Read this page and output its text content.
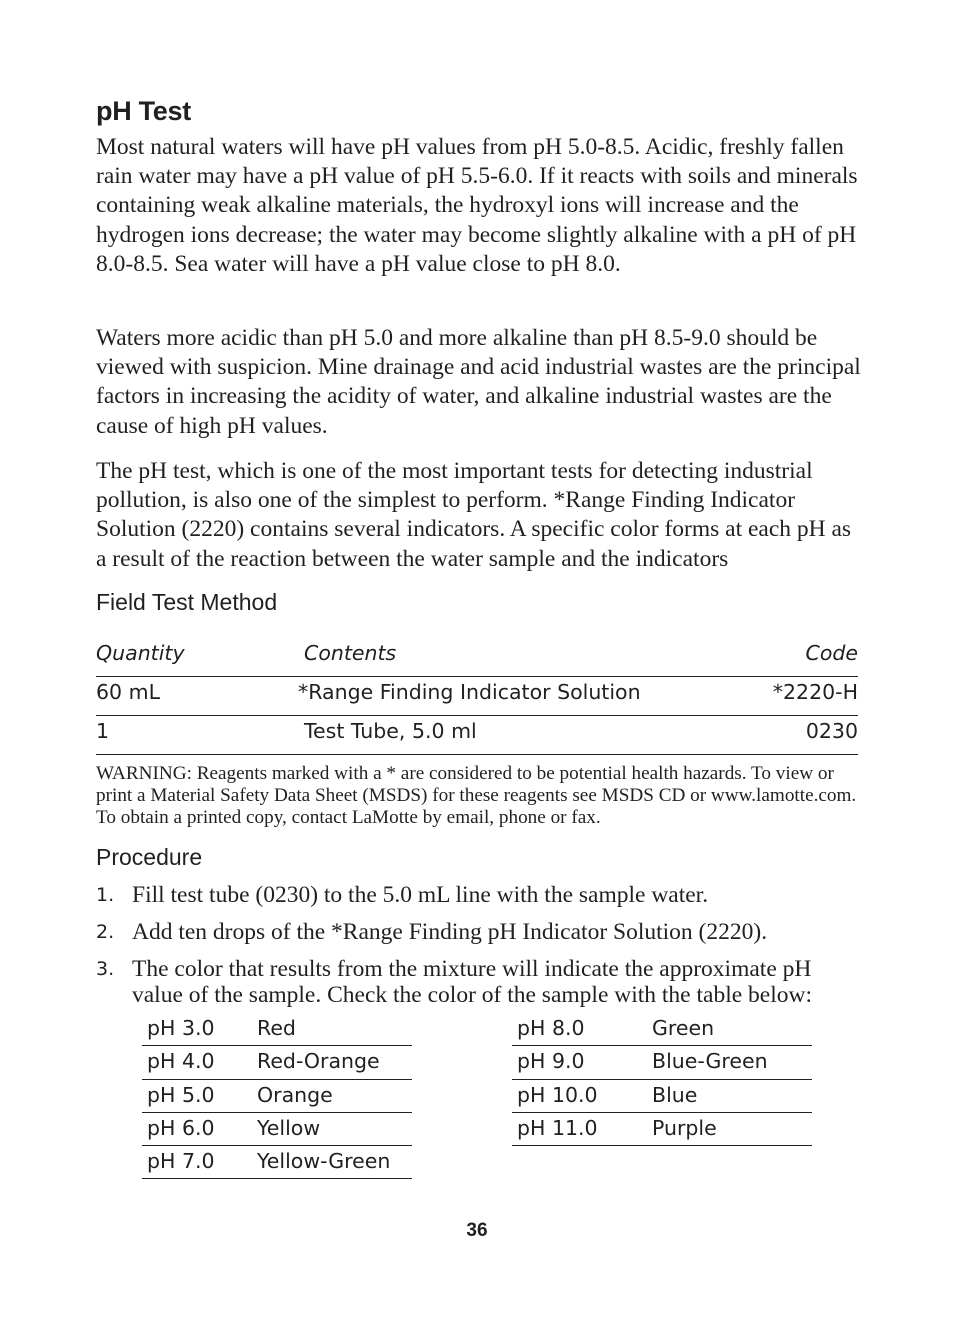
pH Test

Most natural waters will have pH values from pH 5.0-8.5. Acidic, freshly fallen rain water may have a pH value of pH 5.5-6.0. If it reacts with soils and minerals containing weak alkaline materials, the hydroxyl ions will increase and the hydrogen ions decrease; the water may become slightly alkaline with a pH of pH 8.0-8.5. Sea water will have a pH value close to pH 8.0.

Waters more acidic than pH 5.0 and more alkaline than pH 8.5-9.0 should be viewed with suspicion. Mine drainage and acid industrial wastes are the principal factors in increasing the acidity of water, and alkaline industrial wastes are the cause of high pH values.

The pH test, which is one of the most important tests for detecting industrial pollution, is also one of the simplest to perform. *Range Finding Indicator Solution (2220) contains several indicators. A specific color forms at each pH as a result of the reaction between the water sample and the indicators

Field Test Method
Quantity	Contents	Code
60 mL	*Range Finding Indicator Solution	*2220-H
1	Test Tube, 5.0 ml	0230

WARNING: Reagents marked with a * are considered to be potential health hazards. To view or print a Material Safety Data Sheet (MSDS) for these reagents see MSDS CD or www.lamotte.com. To obtain a printed copy, contact LaMotte by email, phone or fax.

Procedure
1. Fill test tube (0230) to the 5.0 mL line with the sample water.
2. Add ten drops of the *Range Finding pH Indicator Solution (2220).
3. The color that results from the mixture will indicate the approximate pH value of the sample. Check the color of the sample with the table below:
pH 3.0 Red
pH 4.0 Red-Orange
pH 5.0 Orange
pH 6.0 Yellow
pH 7.0 Yellow-Green
pH 8.0	Green
pH 9.0	Blue-Green
pH 10.0	Blue
pH 11.0	Purple

36
